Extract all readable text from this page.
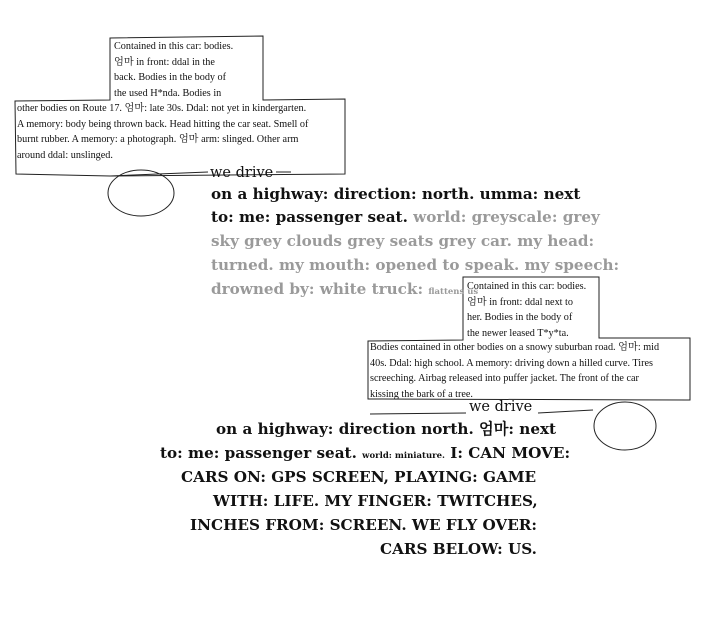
Contained in this car: bodies.
엄마 in front: ddal in the
back. Bodies in the body of
the used H*nda. Bodies in
other bodies on Route 17. 엄마: late 30s. Ddal: not yet in kindergarten.
A memory: body being thrown back. Head hitting the car seat. Smell of
burnt rubber. A memory: a photograph. 엄마 arm: slinged. Other arm
around ddal: unslinged.
we drive
on a highway: direction: north. umma: next
to: me: passenger seat. world: greyscale: grey
sky grey clouds grey seats grey car. my head:
turned. my mouth: opened to speak. my speech:
drowned by: white truck: flattens us
Contained in this car: bodies.
엄마 in front: ddal next to
her. Bodies in the body of
the newer leased T*y*ta.
Bodies contained in other bodies on a snowy suburban road. 엄마: mid
40s. Ddal: high school. A memory: driving down a hilled curve. Tires
screeching. Airbag released into puffer jacket. The front of the car
kissing the bark of a tree.
we drive
on a highway: direction north. 엄마: next
to: me: passenger seat. world: miniature. I: CAN MOVE:
CARS ON: GPS SCREEN, PLAYING: GAME
WITH: LIFE. MY FINGER: TWITCHES,
INCHES FROM: SCREEN. WE FLY OVER:
CARS BELOW: US.
